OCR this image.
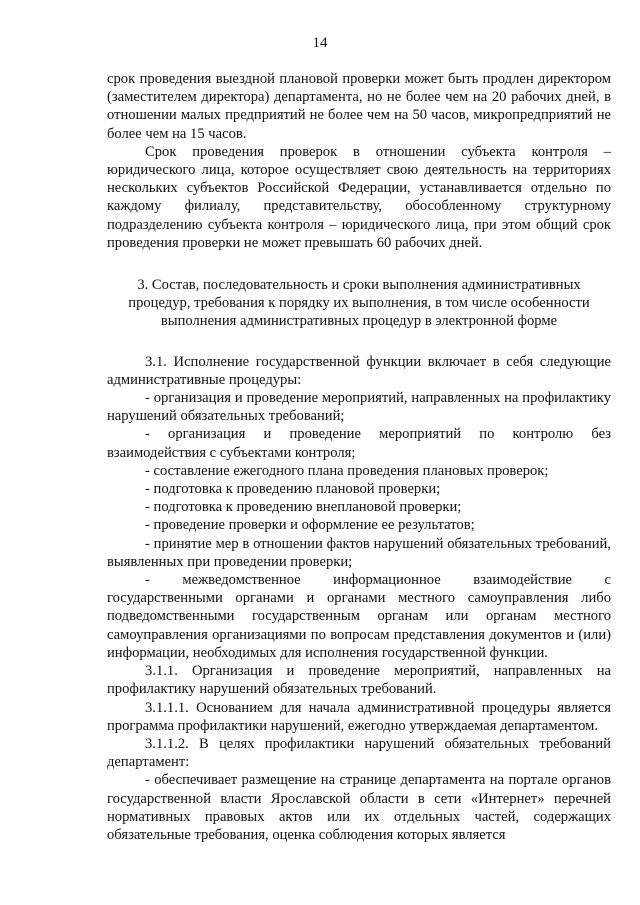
14

срок проведения выездной плановой проверки может быть продлен директором (заместителем директора) департамента, но не более чем на 20 рабочих дней, в отношении малых предприятий не более чем на 50 часов, микропредприятий не более чем на 15 часов.

Срок проведения проверок в отношении субъекта контроля – юридического лица, которое осуществляет свою деятельность на территориях нескольких субъектов Российской Федерации, устанавливается отдельно по каждому филиалу, представительству, обособленному структурному подразделению субъекта контроля – юридического лица, при этом общий срок проведения проверки не может превышать 60 рабочих дней.

3. Состав, последовательность и сроки выполнения административных
процедур, требования к порядку их выполнения, в том числе особенности
выполнения административных процедур в электронной форме

3.1. Исполнение государственной функции включает в себя следующие административные процедуры:

- организация и проведение мероприятий, направленных на профилактику нарушений обязательных требований;

- организация и проведение мероприятий по контролю без взаимодействия с субъектами контроля;

- составление ежегодного плана проведения плановых проверок;

- подготовка к проведению плановой проверки;

- подготовка к проведению внеплановой проверки;

- проведение проверки и оформление ее результатов;

- принятие мер в отношении фактов нарушений обязательных требований, выявленных при проведении проверки;

- межведомственное информационное взаимодействие с государственными органами и органами местного самоуправления либо подведомственными государственным органам или органам местного самоуправления организациями по вопросам представления документов и (или) информации, необходимых для исполнения государственной функции.

3.1.1. Организация и проведение мероприятий, направленных на профилактику нарушений обязательных требований.

3.1.1.1. Основанием для начала административной процедуры является программа профилактики нарушений, ежегодно утверждаемая департаментом.

3.1.1.2. В целях профилактики нарушений обязательных требований департамент:

- обеспечивает размещение на странице департамента на портале органов государственной власти Ярославской области в сети «Интернет» перечней нормативных правовых актов или их отдельных частей, содержащих обязательные требования, оценка соблюдения которых является
